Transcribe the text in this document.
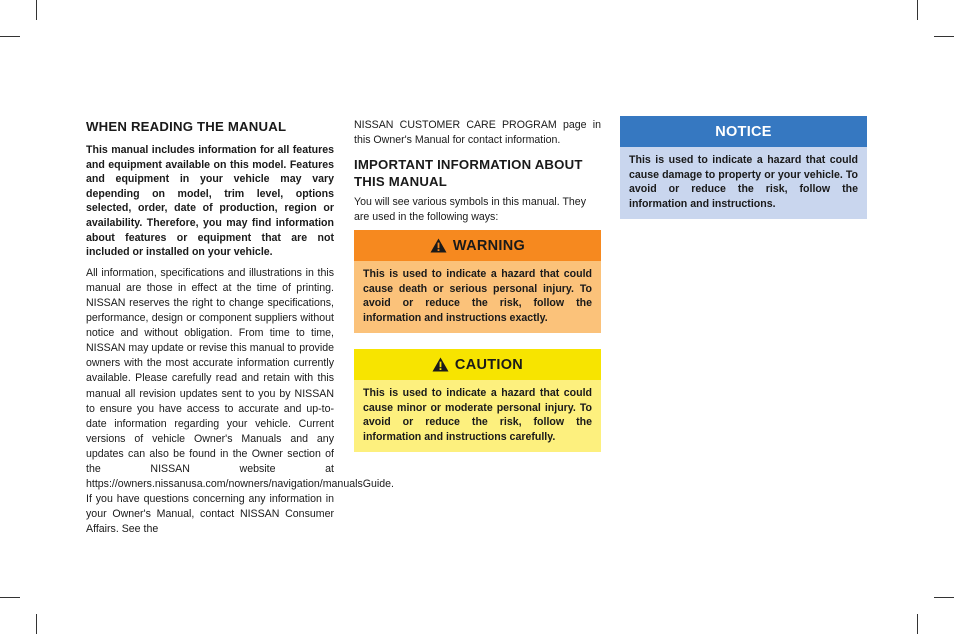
WHEN READING THE MANUAL

This manual includes information for all features and equipment available on this model. Features and equipment in your vehicle may vary depending on model, trim level, options selected, order, date of production, region or availability. Therefore, you may find information about features or equipment that are not included or installed on your vehicle.

All information, specifications and illustrations in this manual are those in effect at the time of printing. NISSAN reserves the right to change specifications, performance, design or component suppliers without notice and without obligation. From time to time, NISSAN may update or revise this manual to provide owners with the most accurate information currently available. Please carefully read and retain with this manual all revision updates sent to you by NISSAN to ensure you have access to accurate and up-to-date information regarding your vehicle. Current versions of vehicle Owner's Manuals and any updates can also be found in the Owner section of the NISSAN website at https://owners.nissanusa.com/nowners/navigation/manualsGuide. If you have questions concerning any information in your Owner's Manual, contact NISSAN Consumer Affairs. See the

NISSAN CUSTOMER CARE PROGRAM page in this Owner's Manual for contact information.

IMPORTANT INFORMATION ABOUT THIS MANUAL

You will see various symbols in this manual. They are used in the following ways:

WARNING
This is used to indicate a hazard that could cause death or serious personal injury. To avoid or reduce the risk, follow the information and instructions exactly.
CAUTION
This is used to indicate a hazard that could cause minor or moderate personal injury. To avoid or reduce the risk, follow the information and instructions carefully.
NOTICE
This is used to indicate a hazard that could cause damage to property or your vehicle. To avoid or reduce the risk, follow the information and instructions.
